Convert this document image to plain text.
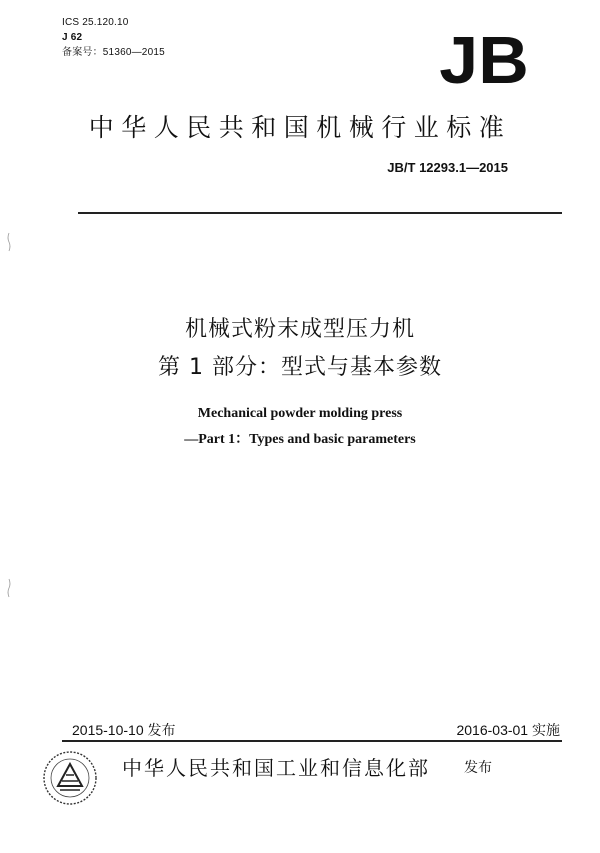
ICS 25.120.10
J 62
备案号：51360—2015	JB
中华人民共和国机械行业标准
JB/T 12293.1—2015
机械式粉末成型压力机
第 1 部分：型式与基本参数
Mechanical powder molding press
—Part 1：Types and basic parameters
2015-10-10 发布	2016-03-01 实施
中华人民共和国工业和信息化部 发布
